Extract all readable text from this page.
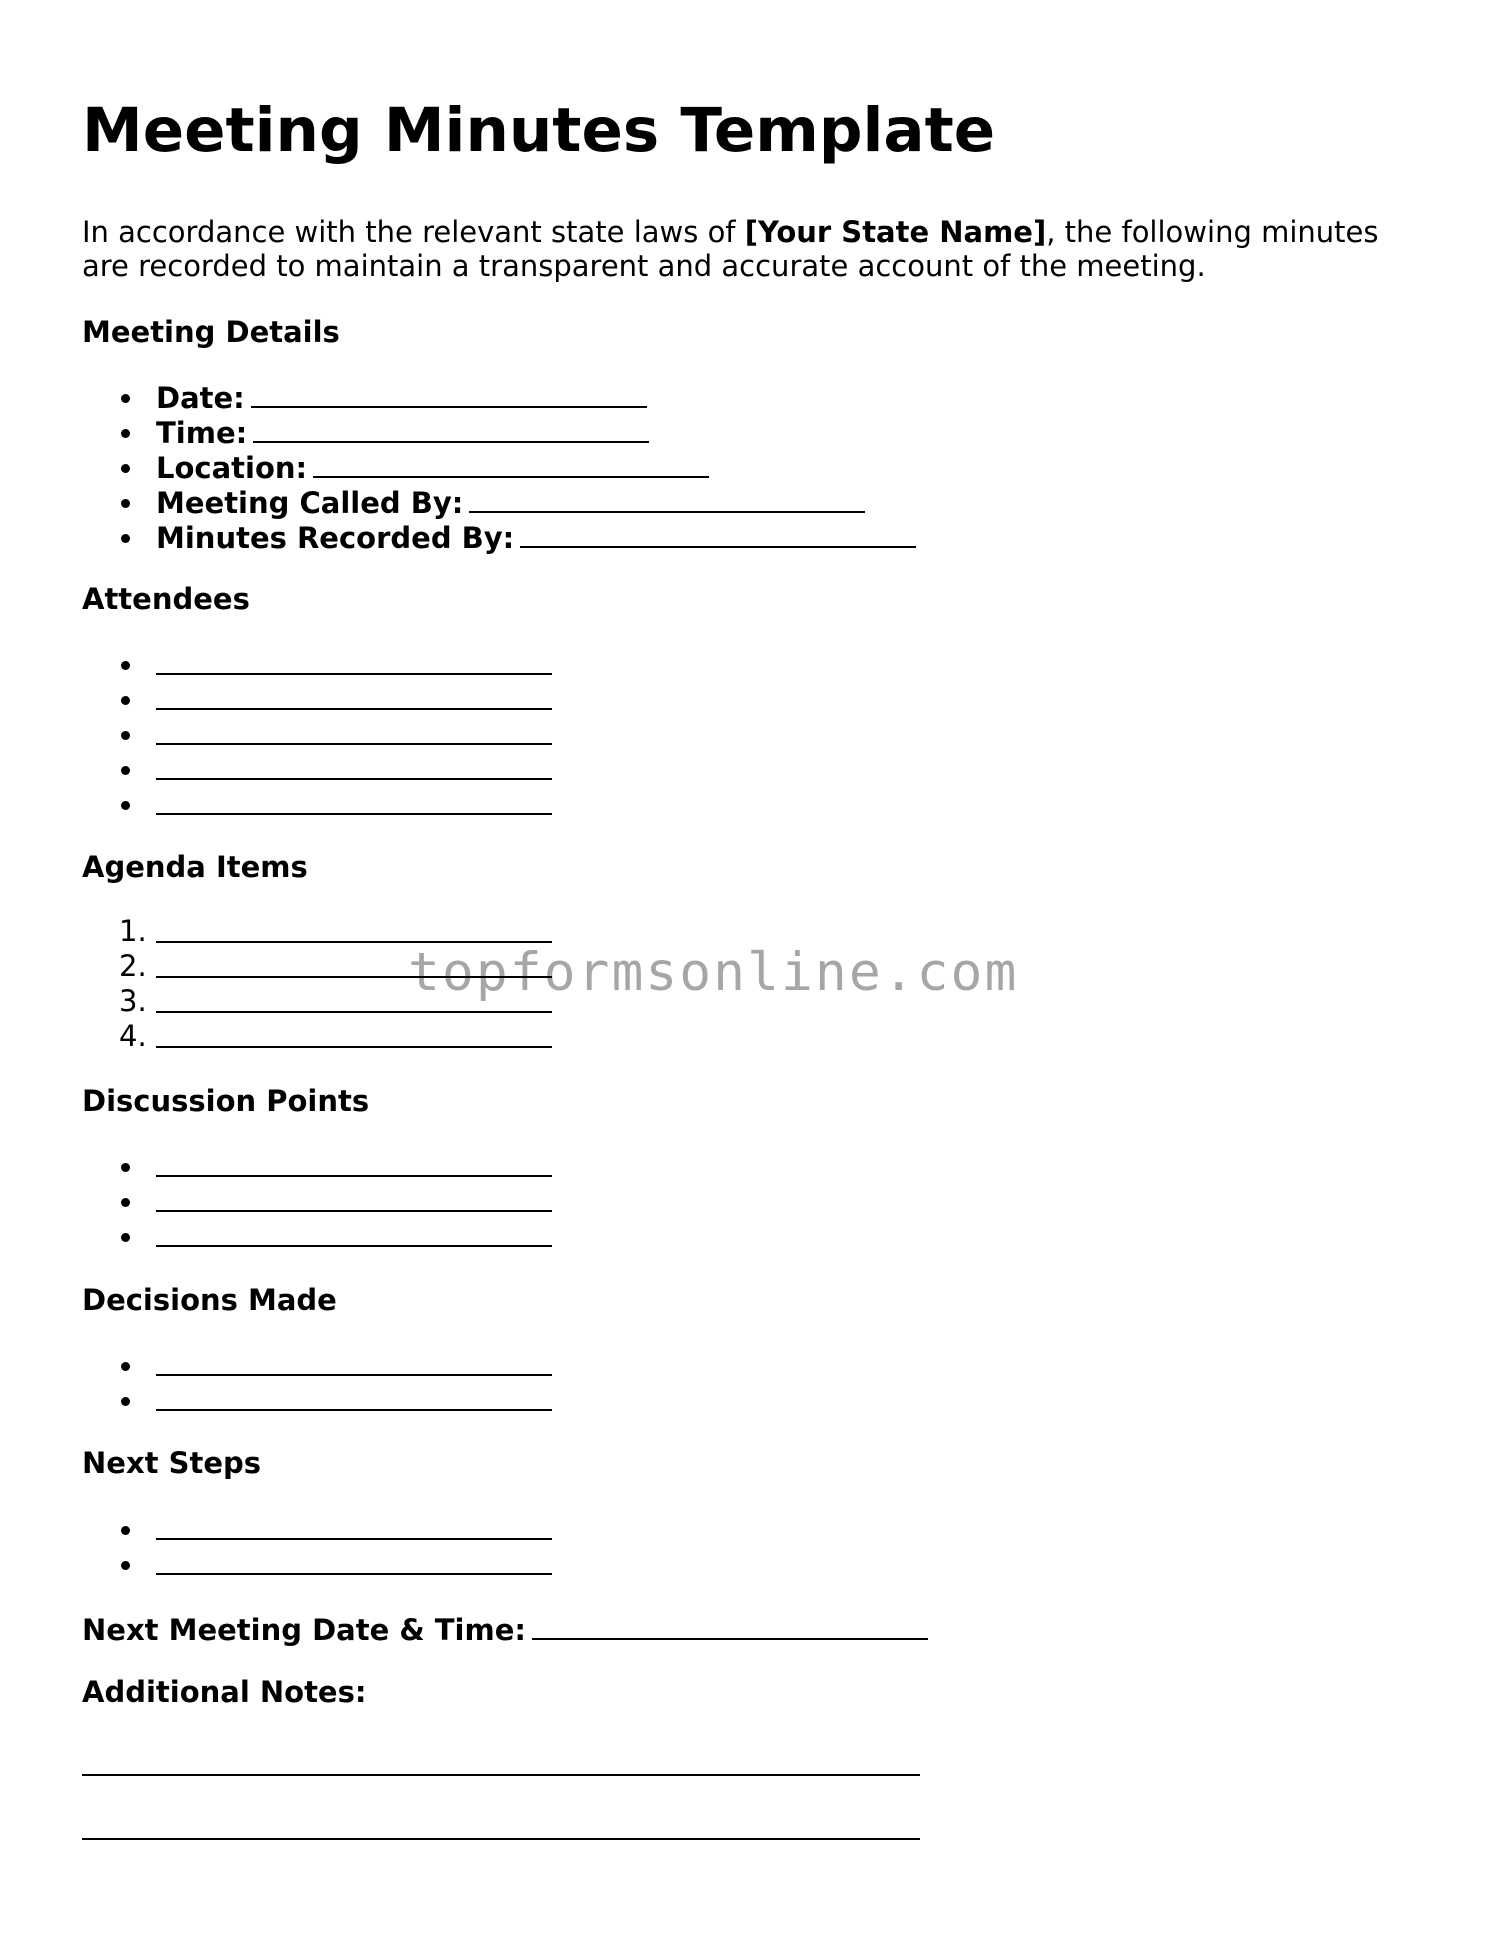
Meeting Minutes Template

In accordance with the relevant state laws of [Your State Name], the following minutes are recorded to maintain a transparent and accurate account of the meeting.

Meeting Details
Date:
Time:
Location:
Meeting Called By:
Minutes Recorded By:
Attendees
Agenda Items
1.
2.
3.
4.
Discussion Points
Decisions Made
Next Steps

Next Meeting Date & Time:

Additional Notes:
topformsonline.com
